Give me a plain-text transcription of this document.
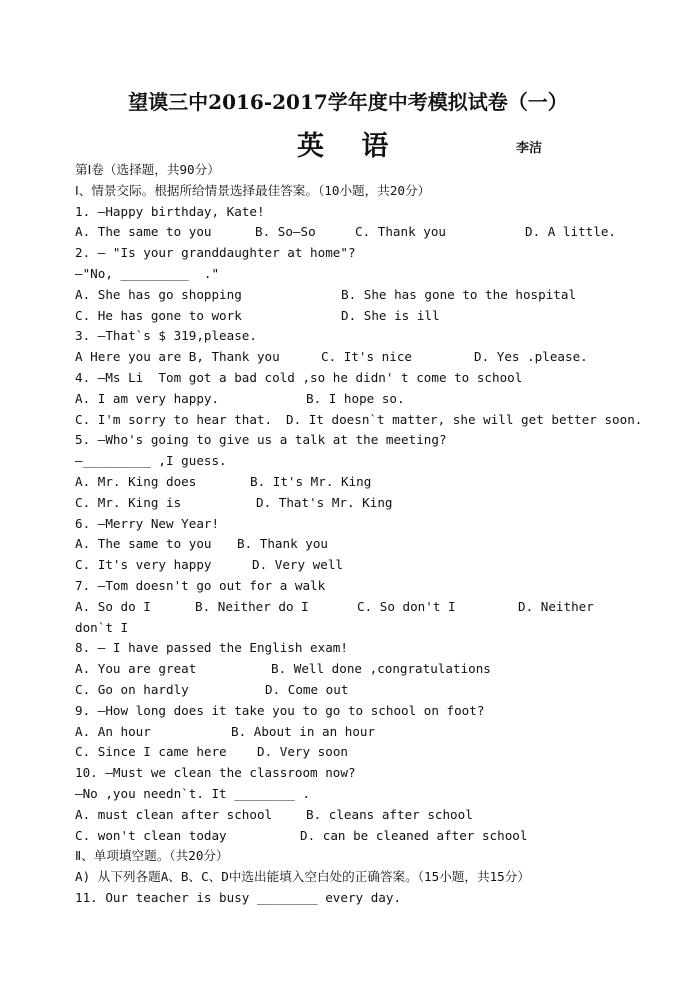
望谟三中2016-2017学年度中考模拟试卷（一）
英 语	李洁
第Ⅰ卷（选择题，共90分）
Ⅰ、情景交际。根据所给情景选择最佳答案。（10小题，共20分）
1. —Happy birthday, Kate!
A. The same to you	B. So—So	C. Thank you	D. A little.
2. — "Is your granddaughter at home"?
—"No, _________  ."
A. She has go shopping	B. She has gone to the hospital
C. He has gone to work	D. She is ill
3. —That`s $ 319,please.
A Here you are B, Thank you	C. It's nice	D. Yes .please.
4. —Ms Li  Tom got a bad cold ,so he didn' t come to school
A. I am very happy.	B. I hope so.
C. I'm sorry to hear that. D. It doesn`t matter, she will get better soon.
5. —Who's going to give us a talk at the meeting?
—_________ ,I guess.
A. Mr. King does	B. It's Mr. King
C. Mr. King is	D. That's Mr. King
6. —Merry New Year!
A. The same to you B. Thank you
C. It's very happy	D. Very well
7. —Tom doesn't go out for a walk
A. So do I	B. Neither do I	C. So don't I	D. Neither
don`t I
8. — I have passed the English exam!
A. You are great	B. Well done ,congratulations
C. Go on hardly	D. Come out
9. —How long does it take you to go to school on foot?
A. An hour	B. About in an hour
C. Since I came here D. Very soon
10. —Must we clean the classroom now?
—No ,you needn`t. It ________ .
A. must clean after school	B. cleans after school
C. won't clean today	D. can be cleaned after school
Ⅱ、单项填空题。（共20分）
A) 从下列各题A、B、C、D中选出能填入空白处的正确答案。（15小题，共15分）
11. Our teacher is busy ________ every day.
